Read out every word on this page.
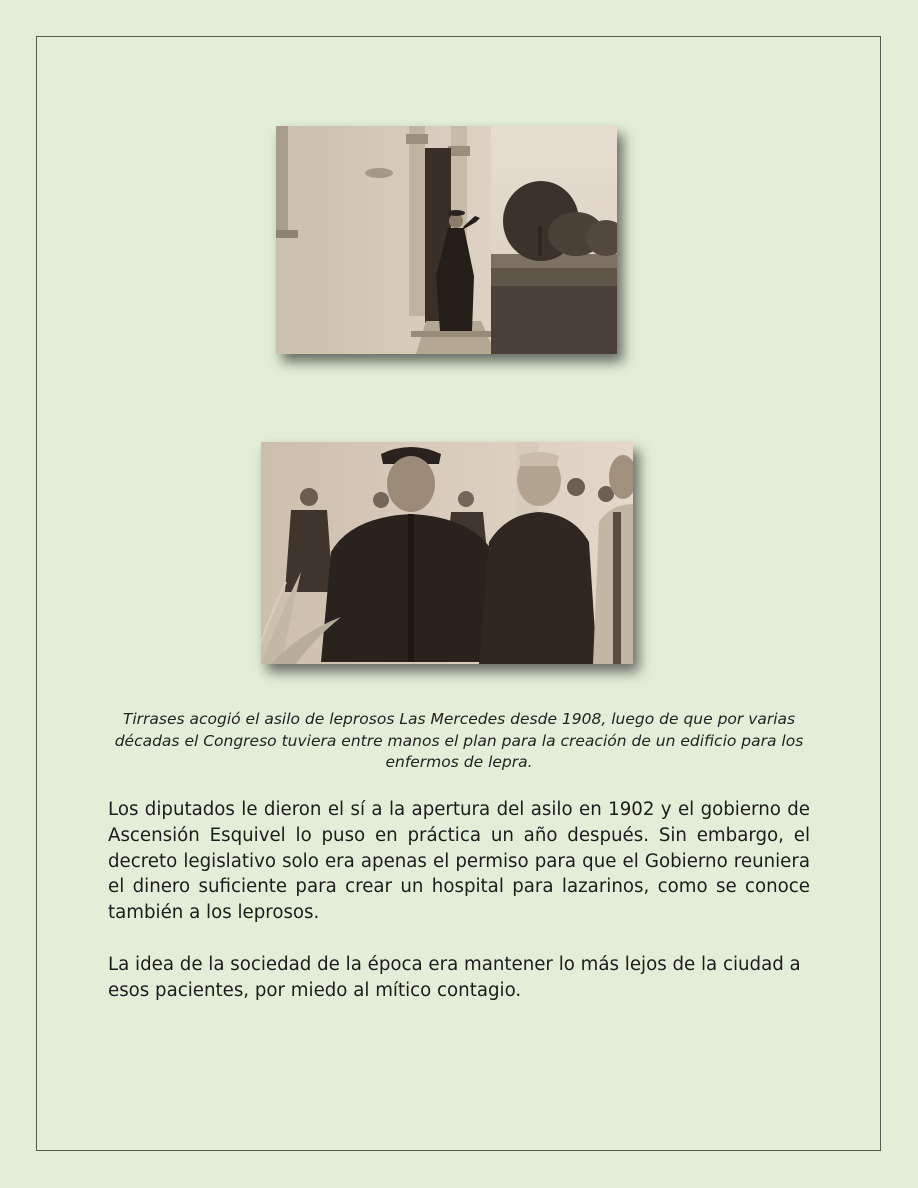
Tirrases acogió el asilo de leprosos Las Mercedes desde 1908, luego de que por varias décadas el Congreso tuviera entre manos el plan para la creación de un edificio para los enfermos de lepra.

Los diputados le dieron el sí a la apertura del asilo en 1902 y el gobierno de Ascensión Esquivel lo puso en práctica un año después. Sin embargo, el decreto legislativo solo era apenas el permiso para que el Gobierno reuniera el dinero suficiente para crear un hospital para lazarinos, como se conoce también a los leprosos.

La idea de la sociedad de la época era mantener lo más lejos de la ciudad a esos pacientes, por miedo al mítico contagio.
